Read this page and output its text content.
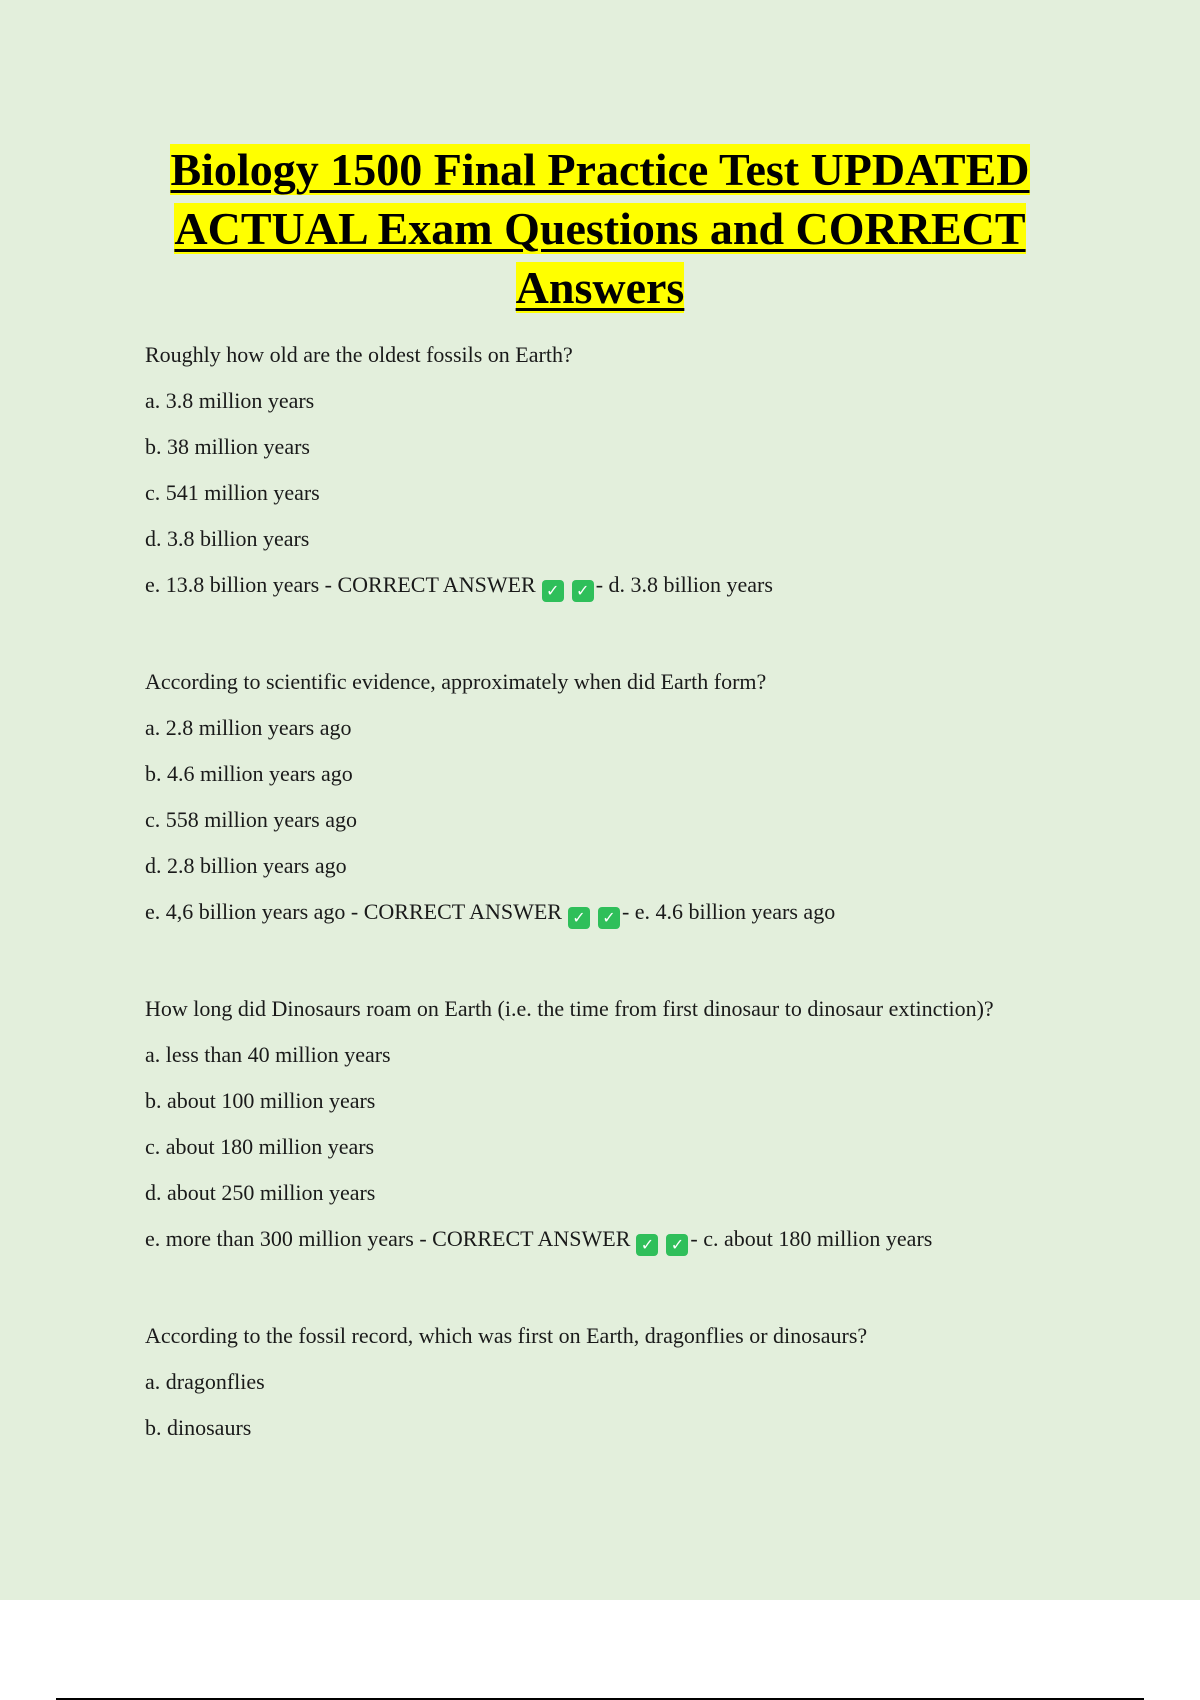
Biology 1500 Final Practice Test UPDATED
ACTUAL Exam Questions and CORRECT
Answers
Roughly how old are the oldest fossils on Earth?
a. 3.8 million years
b. 38 million years
c. 541 million years
d. 3.8 billion years
e. 13.8 billion years - CORRECT ANSWER ✓ ✓ - d. 3.8 billion years
According to scientific evidence, approximately when did Earth form?
a. 2.8 million years ago
b. 4.6 million years ago
c. 558 million years ago
d. 2.8 billion years ago
e. 4,6 billion years ago - CORRECT ANSWER ✓ ✓ - e. 4.6 billion years ago
How long did Dinosaurs roam on Earth (i.e. the time from first dinosaur to dinosaur extinction)?
a. less than 40 million years
b. about 100 million years
c. about 180 million years
d. about 250 million years
e. more than 300 million years - CORRECT ANSWER ✓ ✓ - c. about 180 million years
According to the fossil record, which was first on Earth, dragonflies or dinosaurs?
a. dragonflies
b. dinosaurs
